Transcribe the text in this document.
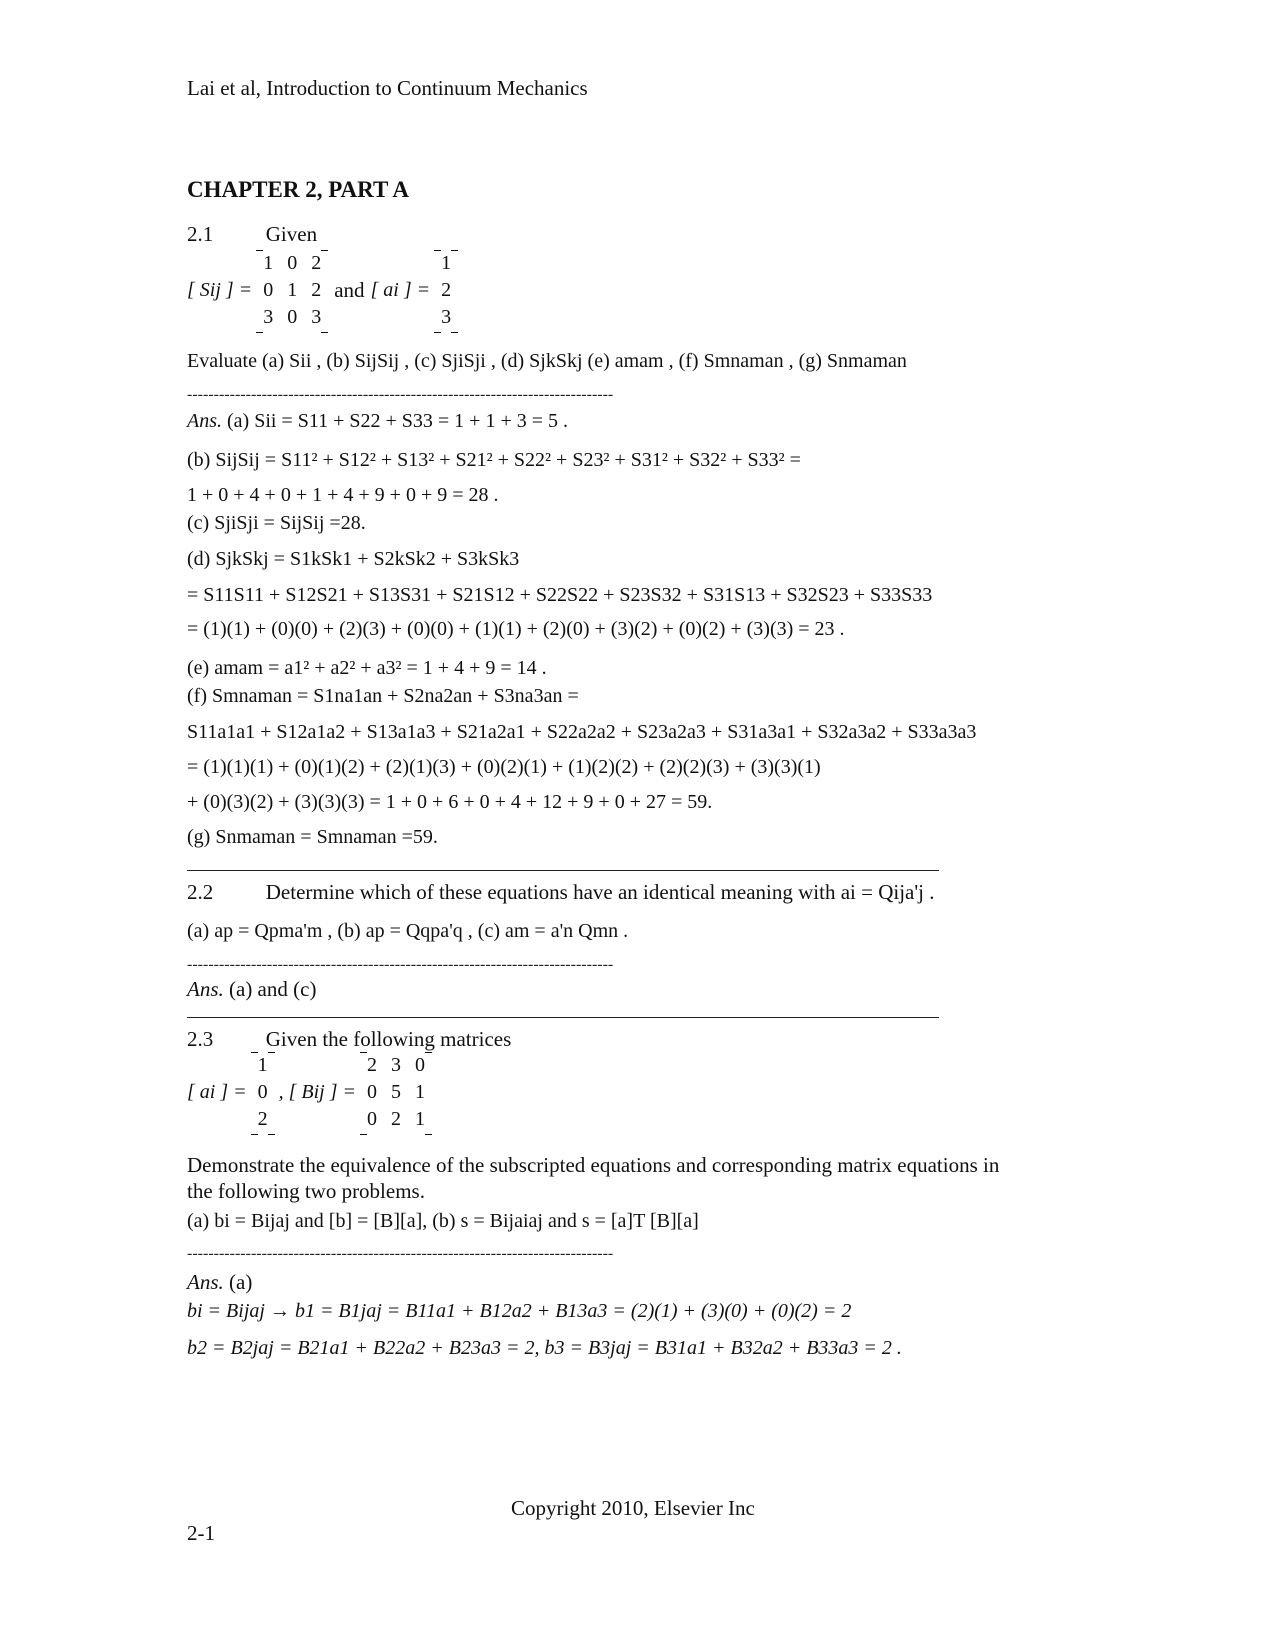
Lai et al, Introduction to Continuum Mechanics
CHAPTER 2, PART A
2.1	Given
[ Sij ] =
1	0	2
0	1	2
3	0	3
and [ ai ] =
1
2
3
Evaluate (a) Sii , (b) SijSij , (c) SjiSji , (d) SjkSkj (e) amam , (f) Smnaman , (g) Snmaman
--------------------------------------------------------------------------------
Ans. (a) Sii = S11 + S22 + S33 = 1 + 1 + 3 = 5 .
(b) SijSij = S11² + S12² + S13² + S21² + S22² + S23² + S31² + S32² + S33² =
1 + 0 + 4 + 0 + 1 + 4 + 9 + 0 + 9 = 28 .
(c) SjiSji = SijSij =28.
(d) SjkSkj = S1kSk1 + S2kSk2 + S3kSk3
= S11S11 + S12S21 + S13S31 + S21S12 + S22S22 + S23S32 + S31S13 + S32S23 + S33S33
= (1)(1) + (0)(0) + (2)(3) + (0)(0) + (1)(1) + (2)(0) + (3)(2) + (0)(2) + (3)(3) = 23 .
(e) amam = a1² + a2² + a3² = 1 + 4 + 9 = 14 .
(f) Smnaman = S1na1an + S2na2an + S3na3an =
S11a1a1 + S12a1a2 + S13a1a3 + S21a2a1 + S22a2a2 + S23a2a3 + S31a3a1 + S32a3a2 + S33a3a3
= (1)(1)(1) + (0)(1)(2) + (2)(1)(3) + (0)(2)(1) + (1)(2)(2) + (2)(2)(3) + (3)(3)(1)
+ (0)(3)(2) + (3)(3)(3) = 1 + 0 + 6 + 0 + 4 + 12 + 9 + 0 + 27 = 59.
(g) Snmaman = Smnaman =59.
2.2	Determine which of these equations have an identical meaning with ai = Qija'j .
(a) ap = Qpma'm , (b) ap = Qqpa'q , (c) am = a'n Qmn .
--------------------------------------------------------------------------------
Ans. (a) and (c)
2.3	Given the following matrices
[ ai ] =
1
0
2
, [ Bij ] =
2	3	0
0	5	1
0	2	1
Demonstrate the equivalence of the subscripted equations and corresponding matrix equations in
the following two problems.
(a) bi = Bijaj and [b] = [B][a], (b) s = Bijaiaj and s = [a]T [B][a]
--------------------------------------------------------------------------------
Ans. (a)
bi = Bijaj → b1 = B1jaj = B11a1 + B12a2 + B13a3 = (2)(1) + (3)(0) + (0)(2) = 2
b2 = B2jaj = B21a1 + B22a2 + B23a3 = 2, b3 = B3jaj = B31a1 + B32a2 + B33a3 = 2 .
Copyright 2010, Elsevier Inc
2-1
